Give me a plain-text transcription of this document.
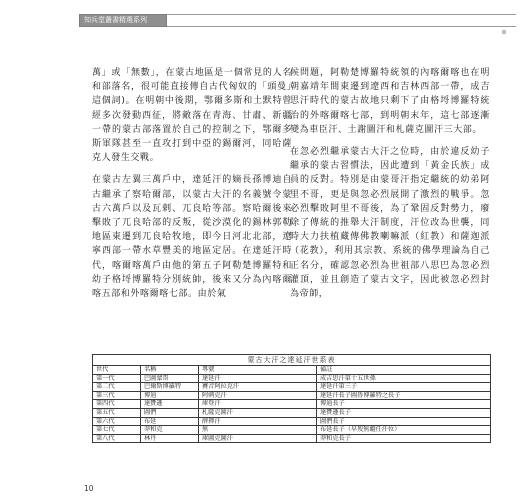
知兵堂叢書精選系列

萬」或「無數」，在蒙古地區是一個常見的人名和部落名，很可能直接傳自古代匈奴的「頭曼」這個詞)。在明朝中後期，鄂爾多斯和土默特曾經多次發動西征，將敵落在青海、甘肅、新疆一帶的蒙古部落置於自己的控制之下，鄂爾多斯軍隊甚至一直攻打到中亞的錫爾河，同哈薩克人發生交戰。

在蒙古左翼三萬戶中，達延汗的嫡長孫博迪自古繼承了察哈爾部，以蒙古大汗的名義號令蒙古六萬戶以及瓦剌、兀良哈等部。察哈爾後來擊敗了兀良哈部的反叛，從沙漠化的錫林郭勒地區東遷到兀良哈牧地，即今日河北北部，遼寧西部一帶水草豐美的地區定居。在達延汗時代，喀爾喀萬戶由他的第五子阿勒楚博羅特和幼子格埒博羅特分別統帥，後來又分為內喀爾喀五部和外喀爾喀七部。由於氣

候問題，阿勒楚博羅特統領的內喀爾喀也在明朝嘉靖年間東遷到遼西和吉林西部一帶，成吉思汗時代的蒙古故地只剩下了由格埒博羅特統治的外喀爾喀七部，到明朝末年，這七部逐漸變為車臣汗、土謝圖汗和札薩克圖汗三大部。

在忽必烈繼承蒙古大汗之位時，由於違反幼子繼承的蒙古習慣法，因此遭到「黃金氏族」成員的反對。特別是由蒙哥汗指定繼統的幼弟阿里不哥，更是與忽必烈展開了激烈的戰爭。忽必烈擊敗阿里不哥後，為了鞏固反對勢力，廢除了傳統的推舉大汗制度，汗位改為世襲，同時大力扶植藏傳佛教喇嘛派（紅教）和薩迦派（花教），利用其宗教、系統的佛學理論為自己正名分，確認忽必烈為世祖部八思巴為忽必烈灌頂，並且創造了蒙古文字，因此被忽必烈封為帝師，

蒙古大汗之達延汗世系表			
世代	名稱	專號	備註
第一代	巴圖蒙哥	達延汗	成吉思汗第十五世孫
第二代	巴爾斯博羅特	賽音阿拉克汗	達延汗第三子
第三代	博迪	阿剌克汗	達延汗長子圖魯博羅特之長子
第四代	達賚遜	庫登汗	博迪長子
第五代	圖們	札薩克圖汗	達賚遜長子
第六代	布延	薛禪汗	圖們長子
第七代	莽和克	無	布延長子（早歿無繼任汗位）
第八代	林丹	庫圖克圖汗	莽和克長子
10
